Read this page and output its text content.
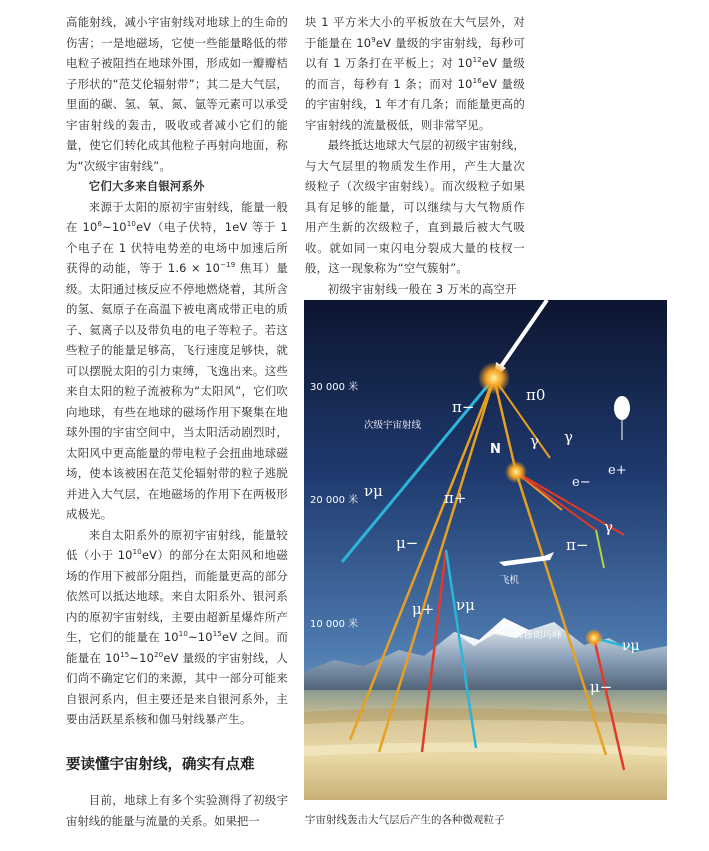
高能射线，减小宇宙射线对地球上的生命的伤害；一是地磁场，它使一些能量略低的带电粒子被阻挡在地球外围，形成如一瓣瓣桔子形状的“范艾伦辐射带”；其二是大气层，里面的碳、氢、氧、氮、氩等元素可以承受宇宙射线的轰击，吸收或者减小它们的能量，使它们转化成其他粒子再射向地面，称为“次级宇宙射线”。

它们大多来自银河系外

来源于太阳的原初宇宙射线，能量一般在 $10^6\sim 10^{10}eV$（电子伏特，1eV 等于 1 个电子在 1 伏特电势差的电场中加速后所获得的动能，等于 $1.6 \times 10^{-19}$ 焦耳）量级。太阳通过核反应不停地燃烧着，其所含的氢、氦原子在高温下被电离成带正电的质子、氦离子以及带负电的电子等粒子。若这些粒子的能量足够高，飞行速度足够快，就可以摆脱太阳的引力束缚，飞逸出来。这些来自太阳的粒子流被称为“太阳风”，它们吹向地球，有些在地球的磁场作用下聚集在地球外围的宇宙空间中，当太阳活动剧烈时，太阳风中更高能量的带电粒子会扭曲地球磁场，使本该被困在范艾伦辐射带的粒子逃脱并进入大气层，在地磁场的作用下在两极形成极光。

来自太阳系外的原初宇宙射线，能量较低（小于 $10^{10}eV$）的部分在太阳风和地磁场的作用下被部分阻挡，而能量更高的部分依然可以抵达地球。来自太阳系外、银河系内的原初宇宙射线，主要由超新星爆炸所产生，它们的能量在 $10^{10}\sim 10^{15}eV$ 之间。而能量在 $10^{15}\sim 10^{20}eV$ 量级的宇宙射线，人们尚不确定它们的来源，其中一部分可能来自银河系内，但主要还是来自银河系外，主要由活跃星系核和伽马射线暴产生。

要读懂宇宙射线，确实有点难

目前，地球上有多个实验测得了初级宇宙射线的能量与流量的关系。如果把一

块 1 平方米大小的平板放在大气层外，对于能量在 $10^9eV$ 量级的宇宙射线，每秒可以有 1 万条打在平板上；对 $10^{12}eV$ 量级的而言，每秒有 1 条；而对 $10^{16}eV$ 量级的宇宙射线，1 年才有几条；而能量更高的宇宙射线的流量极低，则非常罕见。

最终抵达地球大气层的初级宇宙射线，与大气层里的物质发生作用，产生大量次级粒子（次级宇宙射线）。而次级粒子如果具有足够的能量，可以继续与大气物质作用产生新的次级粒子，直到最后被大气吸收。就如同一束闪电分裂成大量的枝杈一般，这一现象称为“空气簇射”。

初级宇宙射线一般在 3 万米的高空开

30 000 米
20 000 米
10 000 米
次级宇宙射线
飞机
珠穆朗玛峰
π−
π0
γ γ
N
e−
e+
νμ	π+
μ−	π−
γ
μ+ νμ
νμ
μ−
宇宙射线轰击大气层后产生的各种微观粒子
